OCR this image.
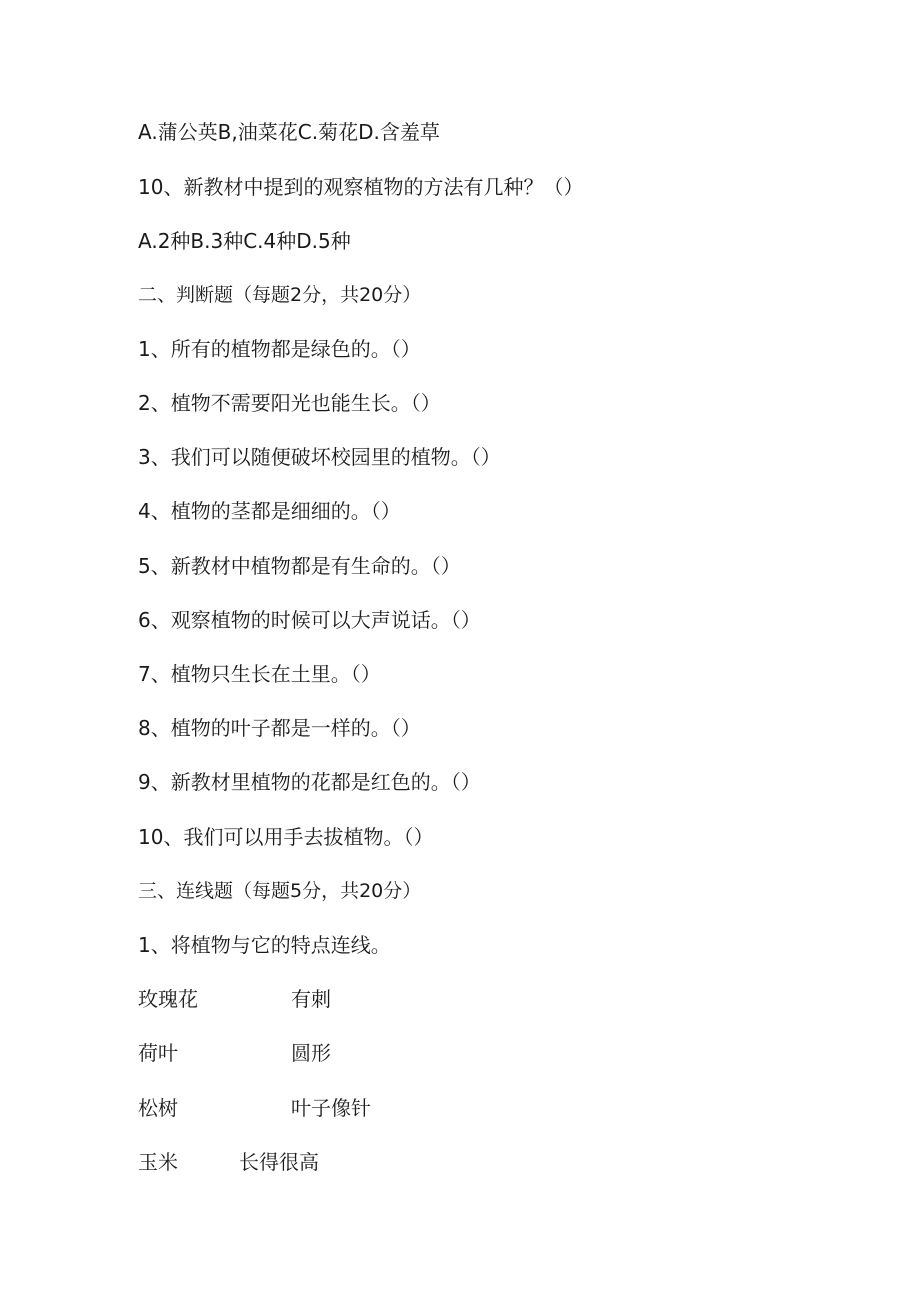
A.蒲公英B,油菜花C.菊花D.含羞草
10、新教材中提到的观察植物的方法有几种？（）
A.2种B.3种C.4种D.5种
二、判断题（每题2分，共20分）
1、所有的植物都是绿色的。（）
2、植物不需要阳光也能生长。（）
3、我们可以随便破坏校园里的植物。（）
4、植物的茎都是细细的。（）
5、新教材中植物都是有生命的。（）
6、观察植物的时候可以大声说话。（）
7、植物只生长在土里。（）
8、植物的叶子都是一样的。（）
9、新教材里植物的花都是红色的。（）
10、我们可以用手去拔植物。（）
三、连线题（每题5分，共20分）
1、将植物与它的特点连线。
玫瑰花	有刺
荷叶	圆形
松树	叶子像针
玉米	长得很高
